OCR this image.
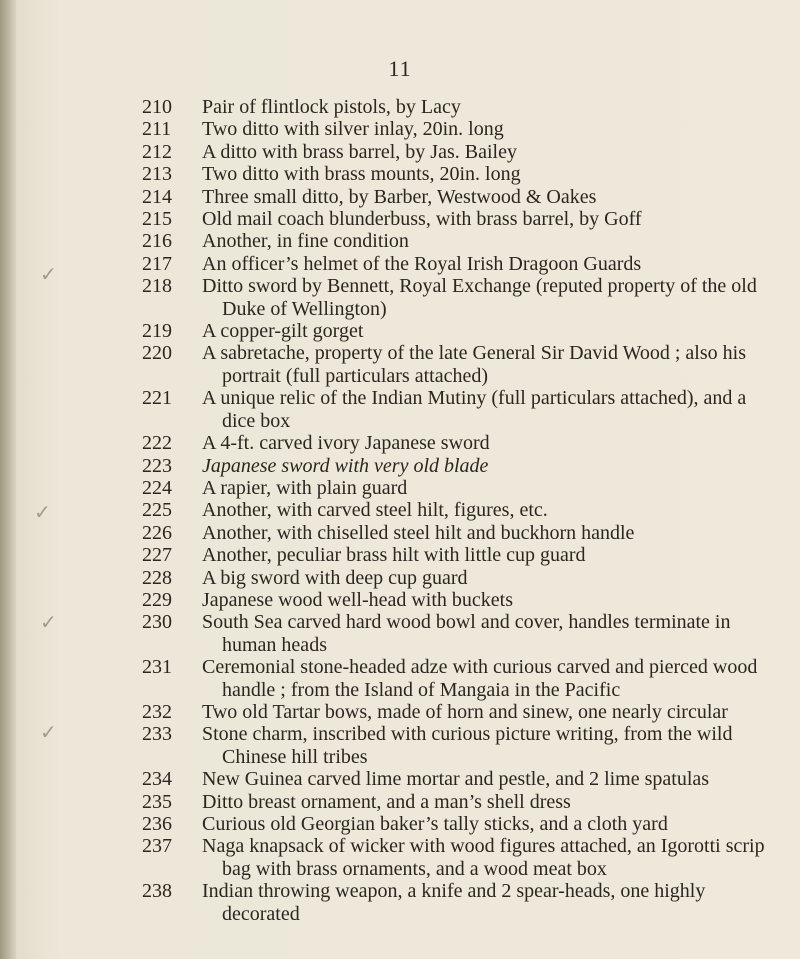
11
✓
✓
✓
✓
210	Pair of flintlock pistols, by Lacy
211	Two ditto with silver inlay, 20in. long
212	A ditto with brass barrel, by Jas. Bailey
213	Two ditto with brass mounts, 20in. long
214	Three small ditto, by Barber, Westwood & Oakes
215	Old mail coach blunderbuss, with brass barrel, by Goff
216	Another, in fine condition
217	An officer’s helmet of the Royal Irish Dragoon Guards
218	Ditto sword by Bennett, Royal Exchange (reputed property of the old Duke of Wellington)
219	A copper-gilt gorget
220	A sabretache, property of the late General Sir David Wood ; also his portrait (full particulars attached)
221	A unique relic of the Indian Mutiny (full particulars attached), and a dice box
222	A 4-ft. carved ivory Japanese sword
223	Japanese sword with very old blade
224	A rapier, with plain guard
225	Another, with carved steel hilt, figures, etc.
226	Another, with chiselled steel hilt and buckhorn handle
227	Another, peculiar brass hilt with little cup guard
228	A big sword with deep cup guard
229	Japanese wood well-head with buckets
230	South Sea carved hard wood bowl and cover, handles terminate in human heads
231	Ceremonial stone-headed adze with curious carved and pierced wood handle ; from the Island of Mangaia in the Pacific
232	Two old Tartar bows, made of horn and sinew, one nearly circular
233	Stone charm, inscribed with curious picture writing, from the wild Chinese hill tribes
234	New Guinea carved lime mortar and pestle, and 2 lime spatulas
235	Ditto breast ornament, and a man’s shell dress
236	Curious old Georgian baker’s tally sticks, and a cloth yard
237	Naga knapsack of wicker with wood figures attached, an Igorotti scrip bag with brass ornaments, and a wood meat box
238	Indian throwing weapon, a knife and 2 spear-heads, one highly decorated
